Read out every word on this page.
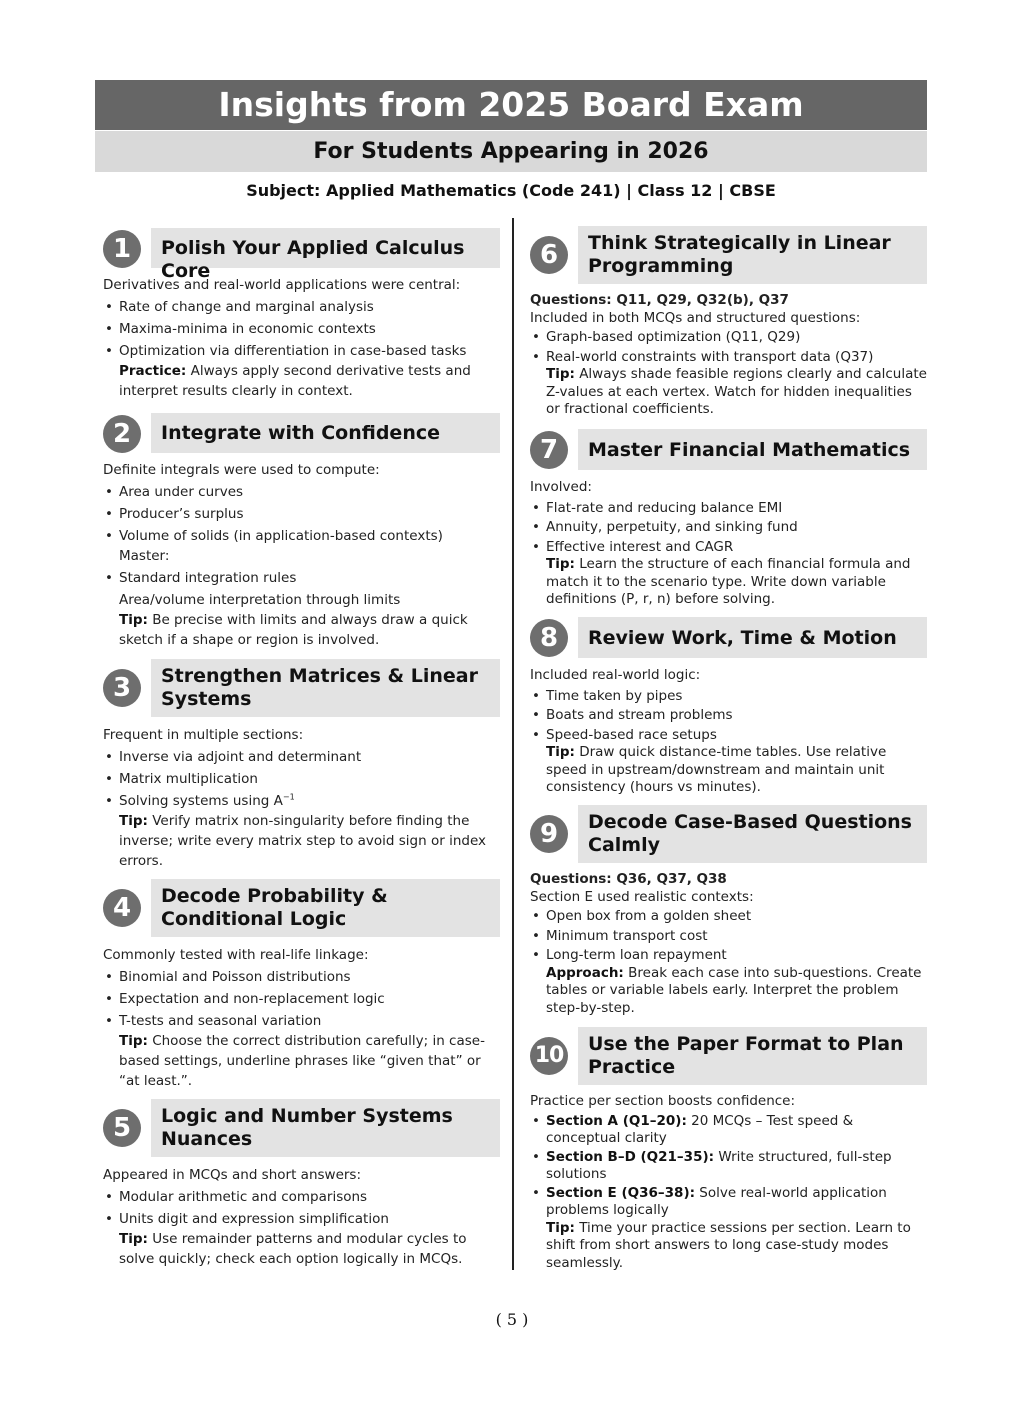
Insights from 2025 Board Exam
For Students Appearing in 2026
Subject: Applied Mathematics (Code 241) | Class 12 | CBSE
1	Polish Your Applied Calculus Core

Derivatives and real-world applications were central:

• Rate of change and marginal analysis
• Maxima-minima in economic contexts
• Optimization via differentiation in case-based tasks
Practice: Always apply second derivative tests and interpret results clearly in context.
2	Integrate with Confidence

Definite integrals were used to compute:

• Area under curves
• Producer’s surplus
• Volume of solids (in application-based contexts)
Master:
• Standard integration rules
Area/volume interpretation through limits
Tip: Be precise with limits and always draw a quick sketch if a shape or region is involved.
3	Strengthen Matrices & Linear Systems

Frequent in multiple sections:

• Inverse via adjoint and determinant
• Matrix multiplication
• Solving systems using $A^{-1}$
Tip: Verify matrix non-singularity before finding the inverse; write every matrix step to avoid sign or index errors.
4	Decode Probability & Conditional Logic

Commonly tested with real-life linkage:

• Binomial and Poisson distributions
• Expectation and non-replacement logic
• T-tests and seasonal variation
Tip: Choose the correct distribution carefully; in case-based settings, underline phrases like “given that” or “at least.”.
5	Logic and Number Systems Nuances

Appeared in MCQs and short answers:

• Modular arithmetic and comparisons
• Units digit and expression simplification
Tip: Use remainder patterns and modular cycles to solve quickly; check each option logically in MCQs.
6	Think Strategically in Linear Programming

Questions: Q11, Q29, Q32(b), Q37

Included in both MCQs and structured questions:

• Graph-based optimization (Q11, Q29)
• Real-world constraints with transport data (Q37)
Tip: Always shade feasible regions clearly and calculate Z-values at each vertex. Watch for hidden inequalities or fractional coefficients.
7	Master Financial Mathematics

Involved:

• Flat-rate and reducing balance EMI
• Annuity, perpetuity, and sinking fund
• Effective interest and CAGR
Tip: Learn the structure of each financial formula and match it to the scenario type. Write down variable definitions (P, r, n) before solving.
8	Review Work, Time & Motion

Included real-world logic:

• Time taken by pipes
• Boats and stream problems
• Speed-based race setups
Tip: Draw quick distance-time tables. Use relative speed in upstream/downstream and maintain unit consistency (hours vs minutes).
9	Decode Case-Based Questions Calmly

Questions: Q36, Q37, Q38

Section E used realistic contexts:

• Open box from a golden sheet
• Minimum transport cost
• Long-term loan repayment
Approach: Break each case into sub-questions. Create tables or variable labels early. Interpret the problem step-by-step.
10	Use the Paper Format to Plan Practice

Practice per section boosts confidence:

• Section A (Q1–20): 20 MCQs – Test speed & conceptual clarity
• Section B–D (Q21–35): Write structured, full-step solutions
• Section E (Q36–38): Solve real-world application problems logically
Tip: Time your practice sessions per section. Learn to shift from short answers to long case-study modes seamlessly.
( 5 )
